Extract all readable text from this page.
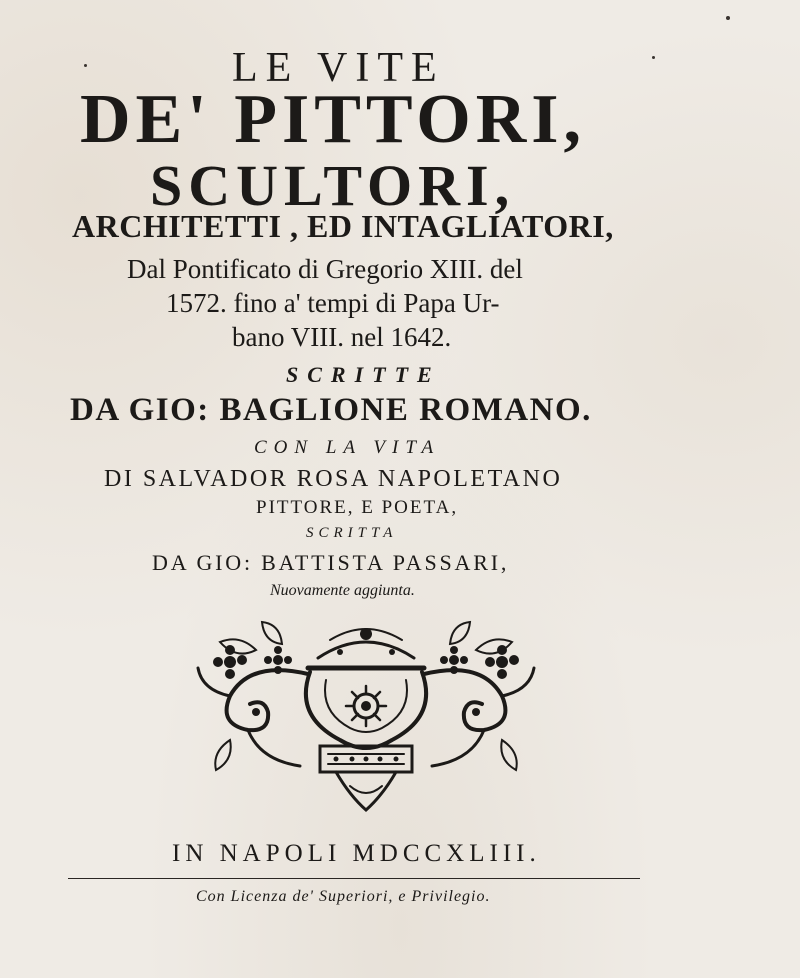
LE VITE
DE' PITTORI,
SCULTORI,
ARCHITETTI , ED INTAGLIATORI,
Dal Pontificato di Gregorio XIII. del
1572. fino a' tempi di Papa Ur-
bano VIII. nel 1642.
SCRITTE
DA GIO: BAGLIONE ROMANO.
CON LA VITA
DI SALVADOR ROSA NAPOLETANO
PITTORE, E POETA,
SCRITTA
DA GIO: BATTISTA PASSARI,
Nuovamente aggiunta.
IN NAPOLI MDCCXLIII.
Con Licenza de' Superiori, e Privilegio.
